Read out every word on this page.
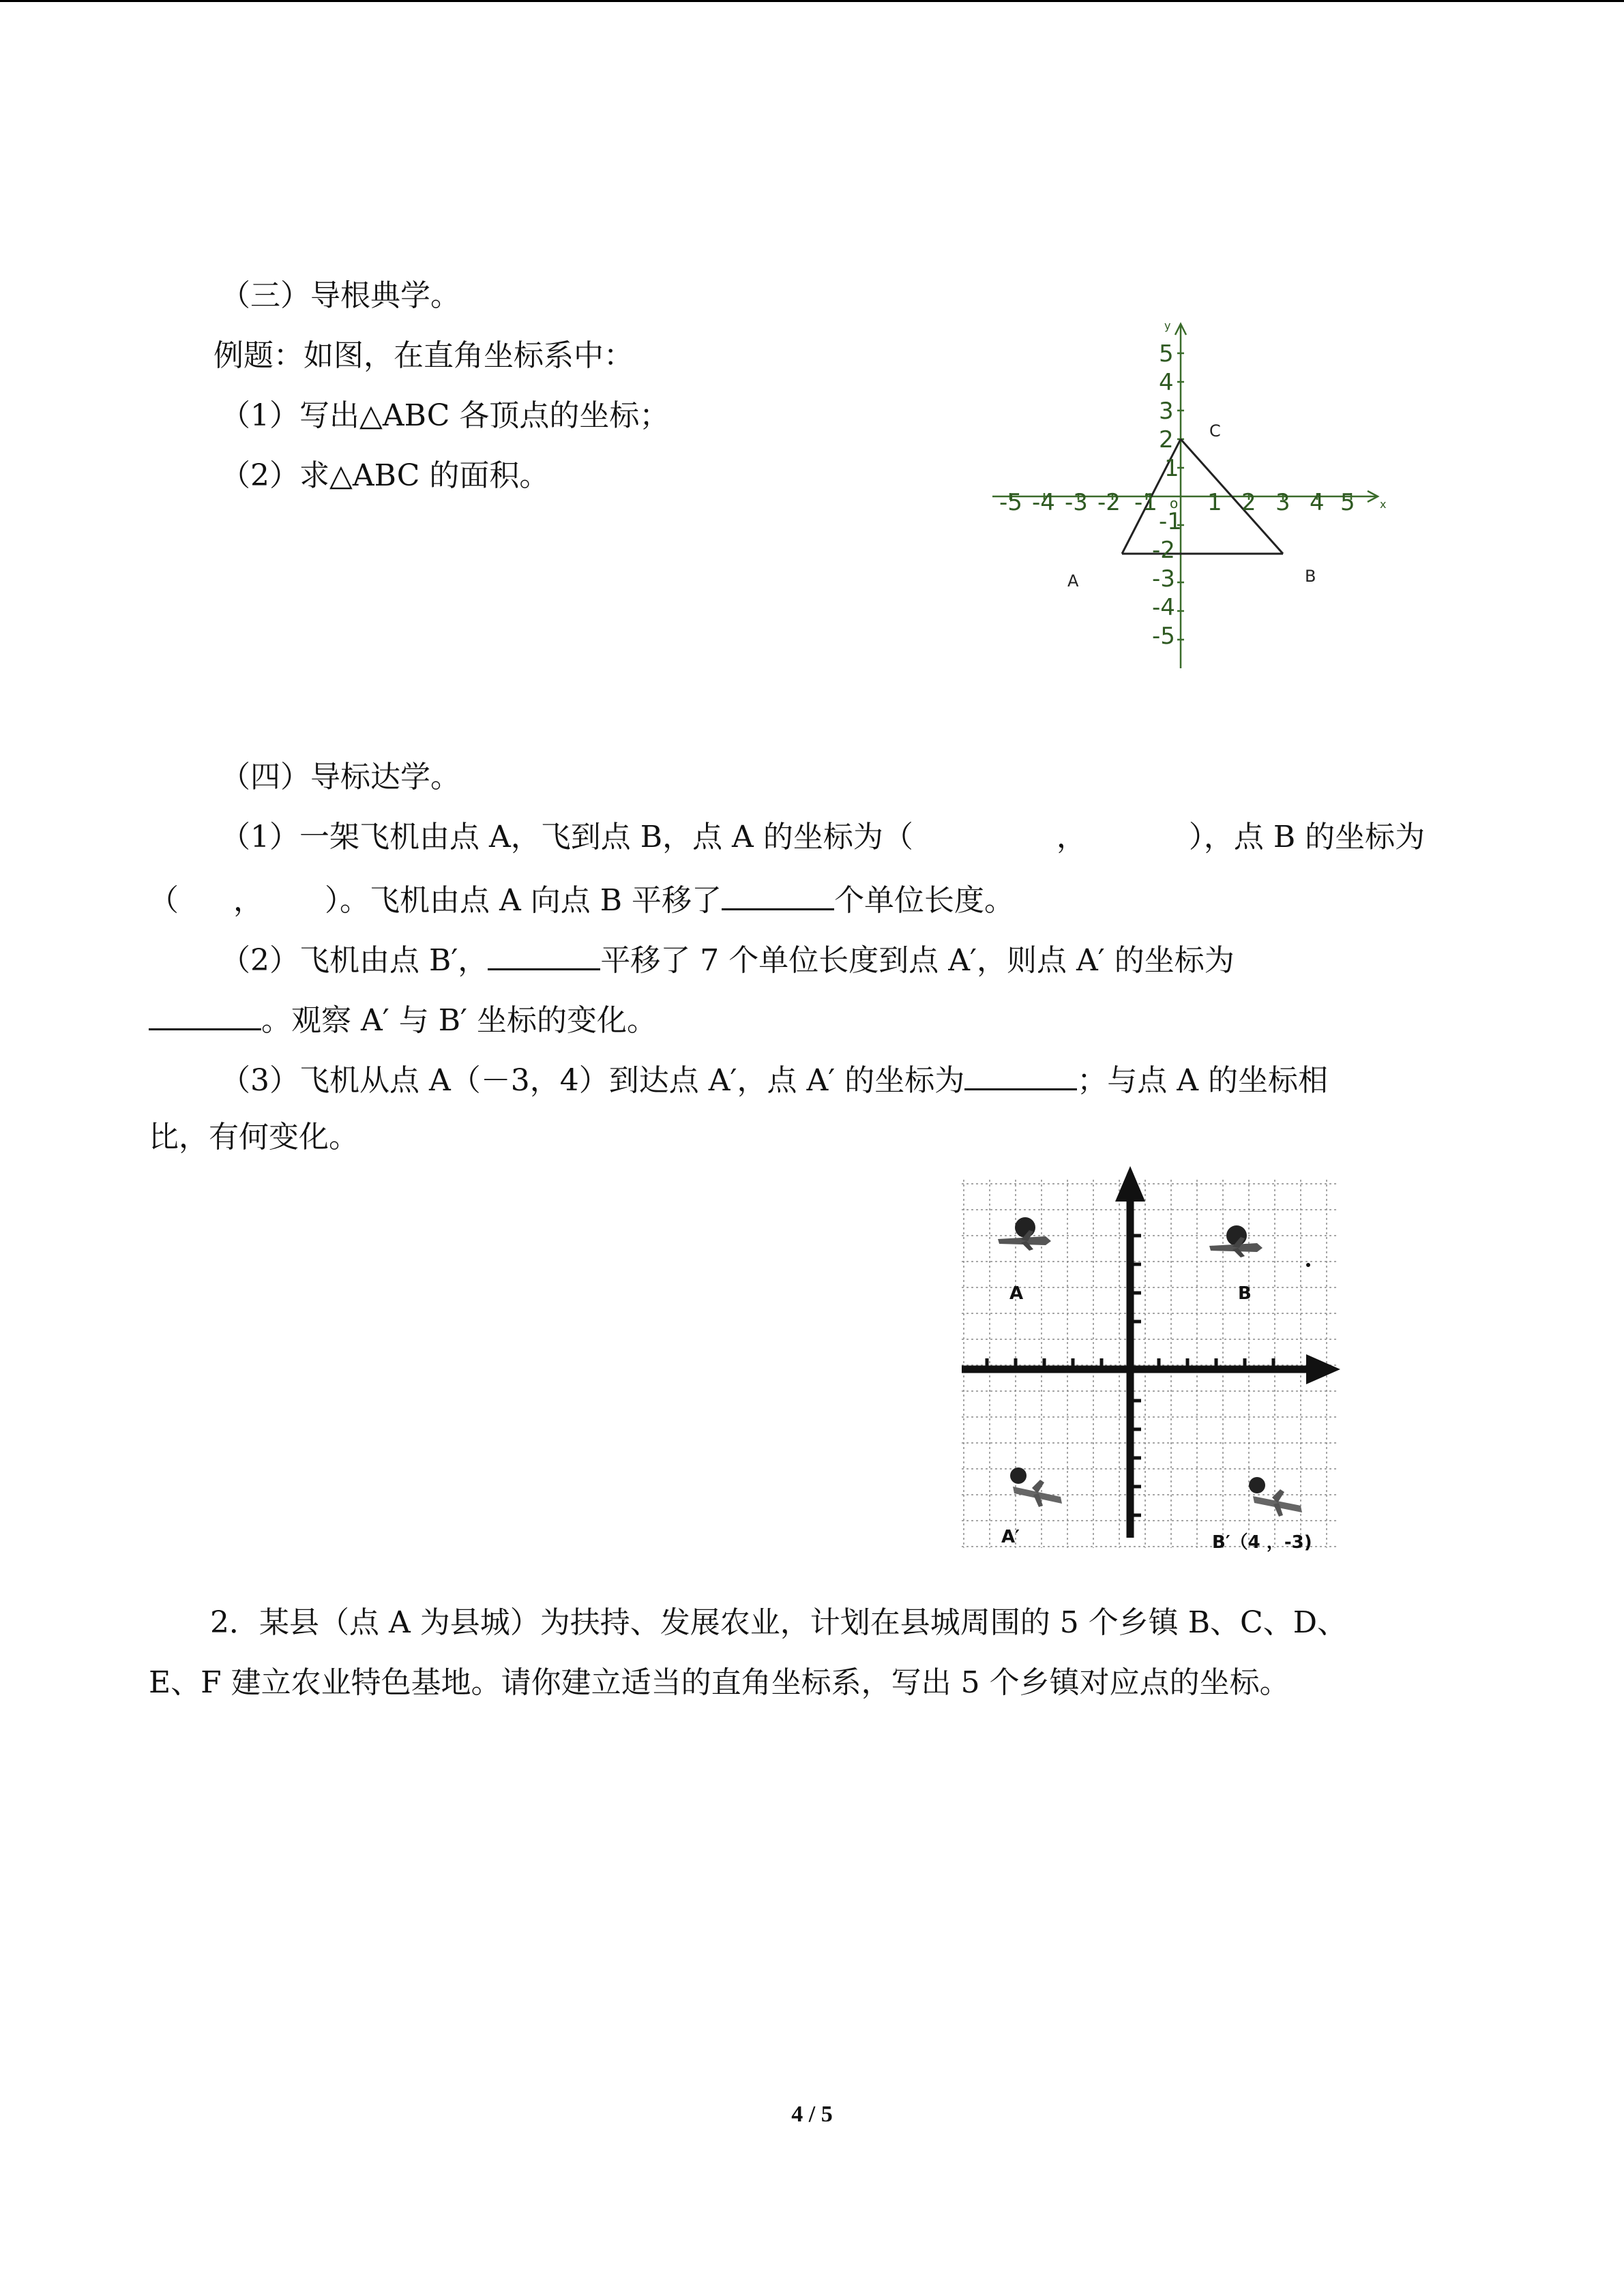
（三）导根典学。
例题：如图，在直角坐标系中：
（1）写出△ABC 各顶点的坐标；
（2）求△ABC 的面积。
-5 -4 -3 -2 -1 1 2 3 4 5
5
4
3
2
1
-1
-2
-3
-4
-5
o	x
y
A	B
C
（四）导标达学。
（1）一架飞机由点 A，飞到点 B，点 A 的坐标为（	，	），点 B 的坐标为
（ ， ）。飞机由点 A 向点 B 平移了	个单位长度。
（2）飞机由点 B′，	平移了 7 个单位长度到点 A′，则点 A′ 的坐标为
。观察 A′ 与 B′ 坐标的变化。
（3）飞机从点 A（－3，4）到达点 A′，点 A′ 的坐标为	；与点 A 的坐标相
比，有何变化。
A	B
A′	B′（4 ，-3)
2．某县（点 A 为县城）为扶持、发展农业，计划在县城周围的 5 个乡镇 B、C、D、
E、F 建立农业特色基地。请你建立适当的直角坐标系，写出 5 个乡镇对应点的坐标。
4 / 5
